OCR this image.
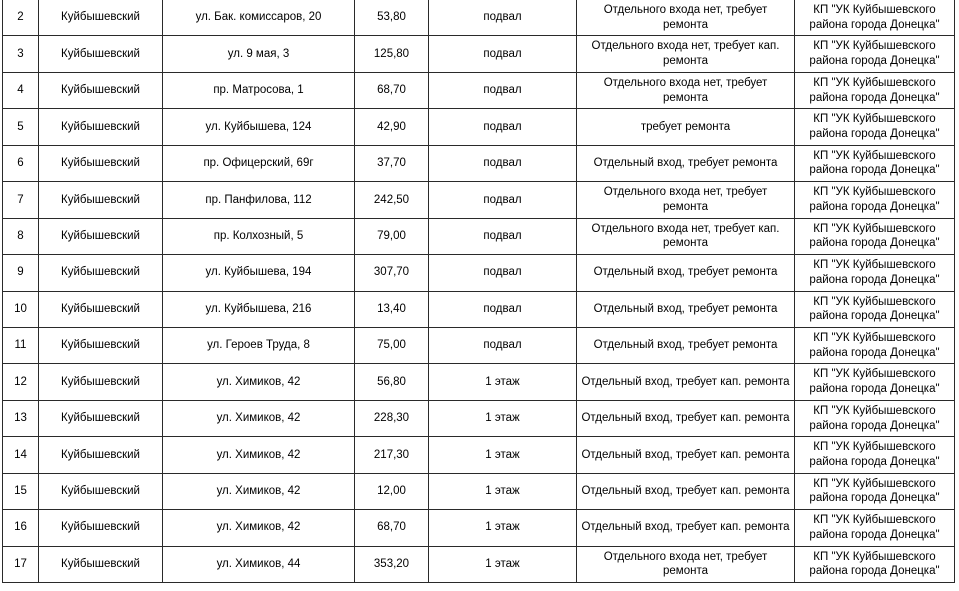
2	Куйбышевский	ул. Бак. комиссаров, 20	53,80	подвал	Отдельного входа нет, требует ремонта	КП "УК Куйбышевского района города Донецка"
3	Куйбышевский	ул. 9 мая, 3	125,80	подвал	Отдельного входа нет, требует кап. ремонта	КП "УК Куйбышевского района города Донецка"
4	Куйбышевский	пр. Матросова, 1	68,70	подвал	Отдельного входа нет, требует ремонта	КП "УК Куйбышевского района города Донецка"
5	Куйбышевский	ул. Куйбышева, 124	42,90	подвал	требует ремонта	КП "УК Куйбышевского района города Донецка"
6	Куйбышевский	пр. Офицерский, 69г	37,70	подвал	Отдельный вход, требует ремонта	КП "УК Куйбышевского района города Донецка"
7	Куйбышевский	пр. Панфилова, 112	242,50	подвал	Отдельного входа нет, требует ремонта	КП "УК Куйбышевского района города Донецка"
8	Куйбышевский	пр. Колхозный, 5	79,00	подвал	Отдельного входа нет, требует кап. ремонта	КП "УК Куйбышевского района города Донецка"
9	Куйбышевский	ул. Куйбышева, 194	307,70	подвал	Отдельный вход, требует ремонта	КП "УК Куйбышевского района города Донецка"
10	Куйбышевский	ул. Куйбышева, 216	13,40	подвал	Отдельный вход, требует ремонта	КП "УК Куйбышевского района города Донецка"
11	Куйбышевский	ул. Героев Труда, 8	75,00	подвал	Отдельный вход, требует ремонта	КП "УК Куйбышевского района города Донецка"
12	Куйбышевский	ул. Химиков, 42	56,80	1 этаж	Отдельный вход, требует кап. ремонта	КП "УК Куйбышевского района города Донецка"
13	Куйбышевский	ул. Химиков, 42	228,30	1 этаж	Отдельный вход, требует кап. ремонта	КП "УК Куйбышевского района города Донецка"
14	Куйбышевский	ул. Химиков, 42	217,30	1 этаж	Отдельный вход, требует кап. ремонта	КП "УК Куйбышевского района города Донецка"
15	Куйбышевский	ул. Химиков, 42	12,00	1 этаж	Отдельный вход, требует кап. ремонта	КП "УК Куйбышевского района города Донецка"
16	Куйбышевский	ул. Химиков, 42	68,70	1 этаж	Отдельный вход, требует кап. ремонта	КП "УК Куйбышевского района города Донецка"
17	Куйбышевский	ул. Химиков, 44	353,20	1 этаж	Отдельного входа нет, требует ремонта	КП "УК Куйбышевского района города Донецка"
